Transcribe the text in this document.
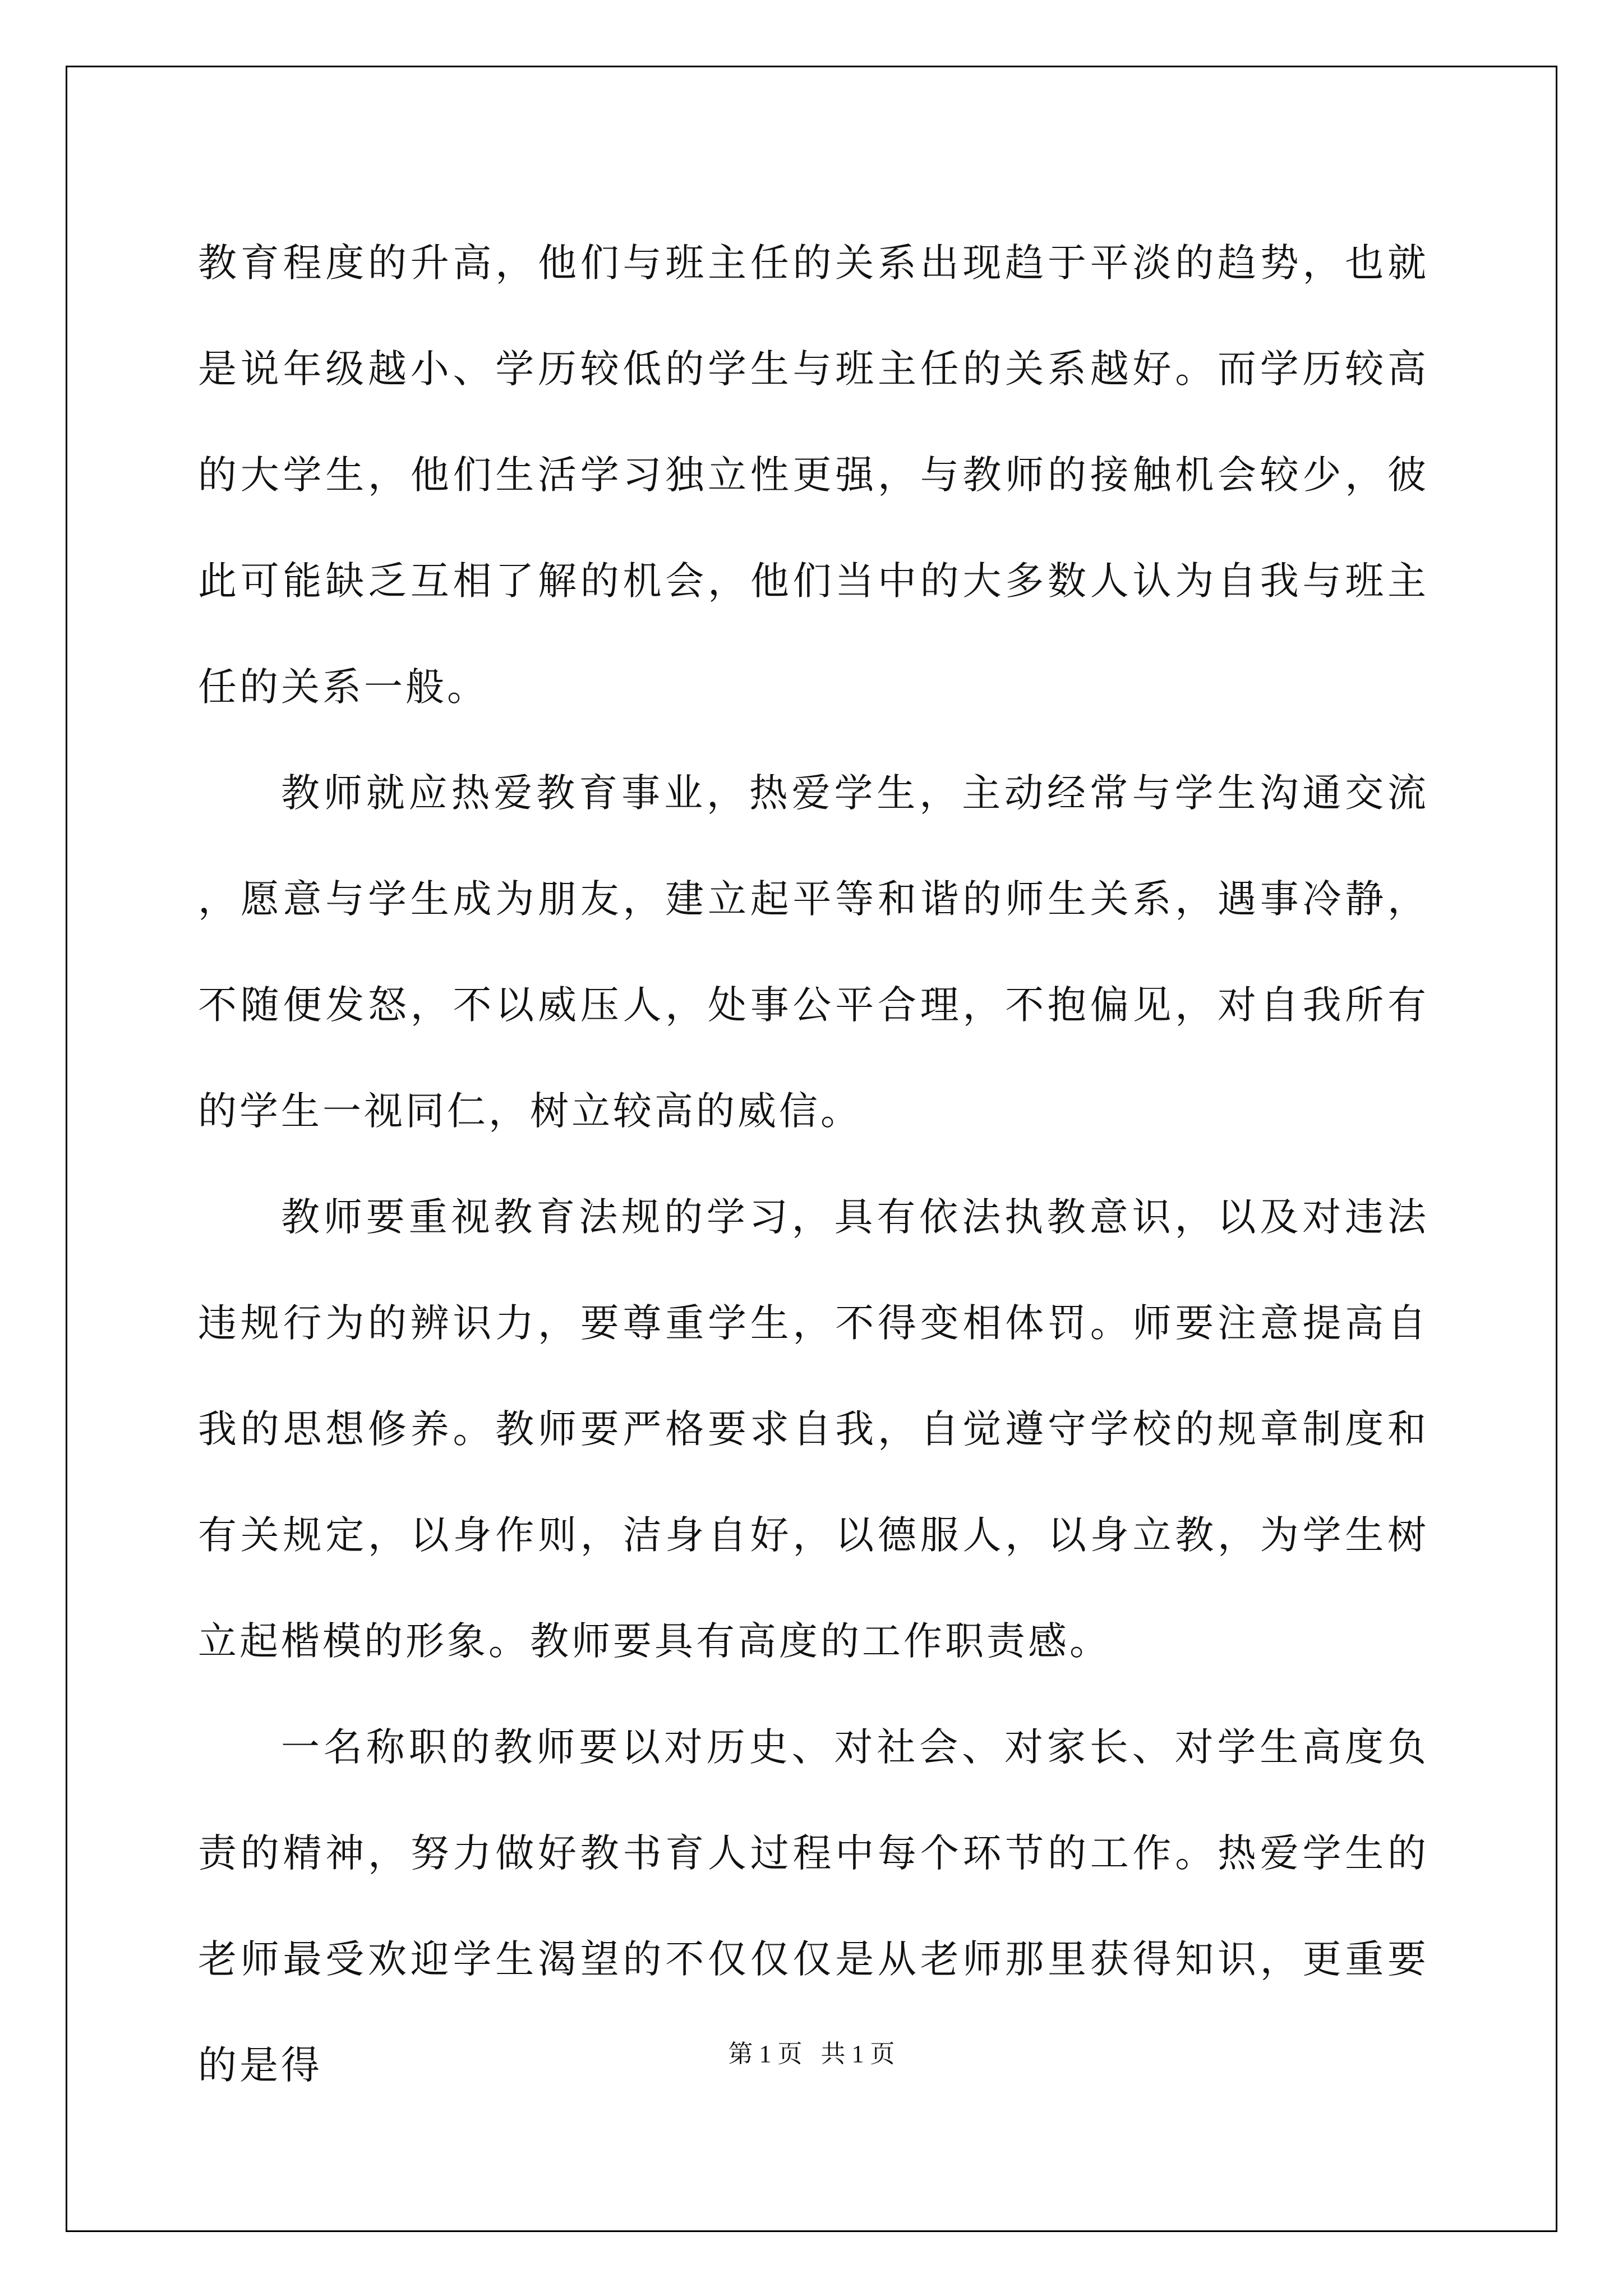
教育程度的升高，他们与班主任的关系出现趋于平淡的趋势，也就是说年级越小、学历较低的学生与班主任的关系越好。而学历较高的大学生，他们生活学习独立性更强，与教师的接触机会较少，彼此可能缺乏互相了解的机会，他们当中的大多数人认为自我与班主任的关系一般。

教师就应热爱教育事业，热爱学生，主动经常与学生沟通交流，愿意与学生成为朋友，建立起平等和谐的师生关系，遇事冷静，不随便发怒，不以威压人，处事公平合理，不抱偏见，对自我所有的学生一视同仁，树立较高的威信。

教师要重视教育法规的学习，具有依法执教意识，以及对违法违规行为的辨识力，要尊重学生，不得变相体罚。师要注意提高自我的思想修养。教师要严格要求自我，自觉遵守学校的规章制度和有关规定，以身作则，洁身自好，以德服人，以身立教，为学生树立起楷模的形象。教师要具有高度的工作职责感。

一名称职的教师要以对历史、对社会、对家长、对学生高度负责的精神，努力做好教书育人过程中每个环节的工作。热爱学生的老师最受欢迎学生渴望的不仅仅仅是从老师那里获得知识，更重要的是得	第 1 页   共 1 页
